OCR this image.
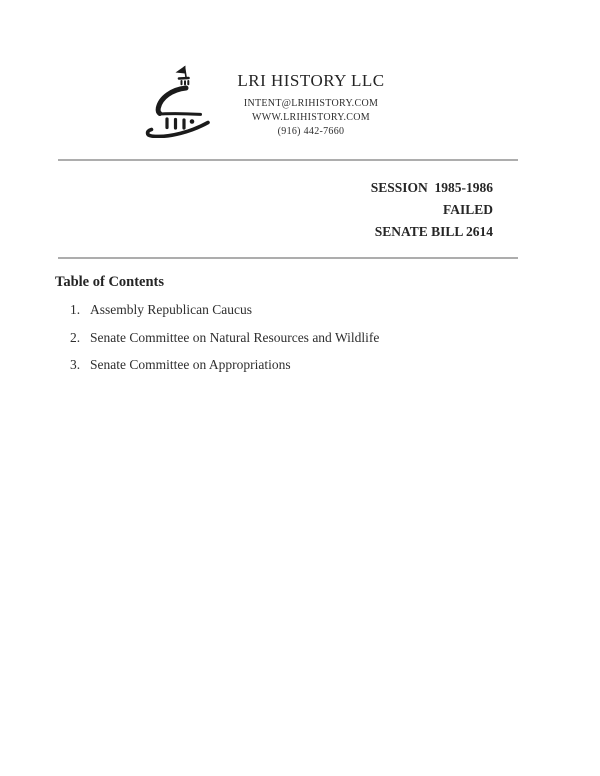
LRI HISTORY LLC
INTENT@LRIHISTORY.COM
WWW.LRIHISTORY.COM
(916) 442-7660
SESSION  1985-1986
FAILED
SENATE BILL 2614
Table of Contents
1. Assembly Republican Caucus
2. Senate Committee on Natural Resources and Wildlife
3. Senate Committee on Appropriations
